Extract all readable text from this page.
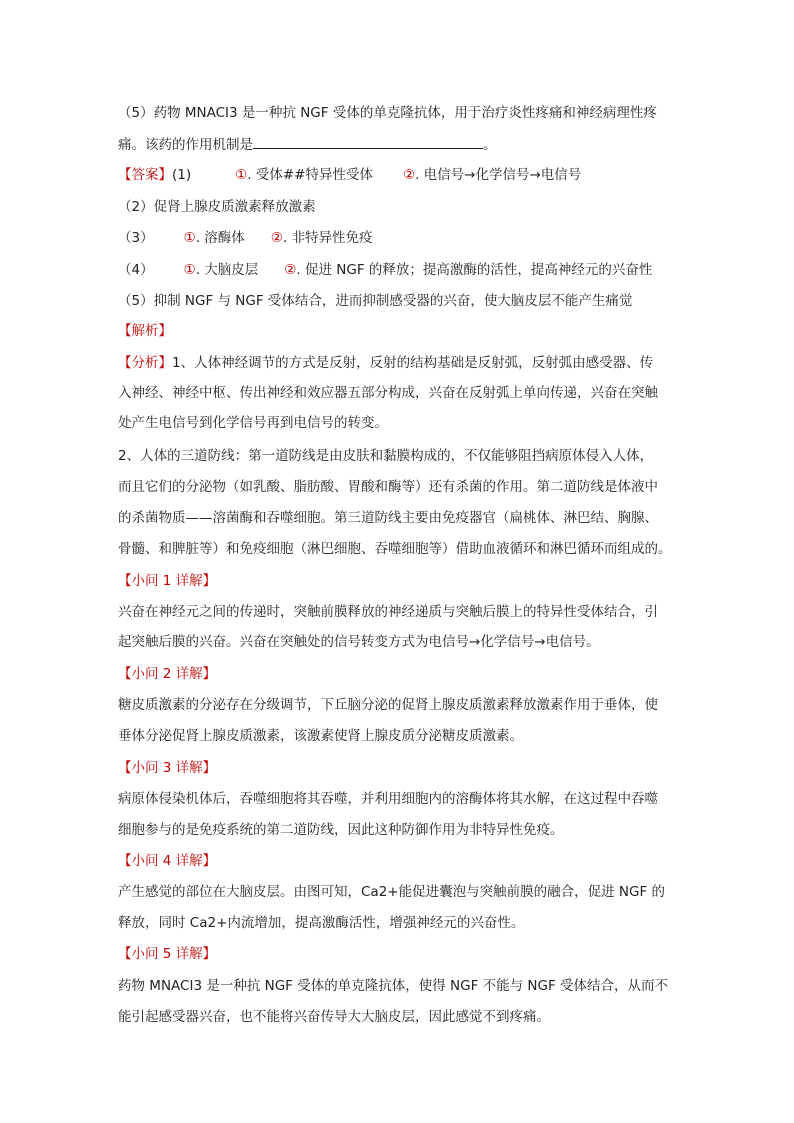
（5）药物 MNACI3 是一种抗 NGF 受体的单克隆抗体，用于治疗炎性疼痛和神经病理性疼
痛。该药的作用机制是	。
【答案】(1)	①. 受体##特异性受体 ②. 电信号→化学信号→电信号
（2）促肾上腺皮质激素释放激素
（3） ①. 溶酶体 ②. 非特异性免疫
（4） ①. 大脑皮层 ②. 促进 NGF 的释放；提高激酶的活性，提高神经元的兴奋性
（5）抑制 NGF 与 NGF 受体结合，进而抑制感受器的兴奋，使大脑皮层不能产生痛觉
【解析】
【分析】1、人体神经调节的方式是反射，反射的结构基础是反射弧，反射弧由感受器、传
入神经、神经中枢、传出神经和效应器五部分构成，兴奋在反射弧上单向传递，兴奋在突触
处产生电信号到化学信号再到电信号的转变。
2、人体的三道防线：第一道防线是由皮肤和黏膜构成的，不仅能够阻挡病原体侵入人体，
而且它们的分泌物（如乳酸、脂肪酸、胃酸和酶等）还有杀菌的作用。第二道防线是体液中
的杀菌物质——溶菌酶和吞噬细胞。第三道防线主要由免疫器官（扁桃体、淋巴结、胸腺、
骨髓、和脾脏等）和免疫细胞（淋巴细胞、吞噬细胞等）借助血液循环和淋巴循环而组成的。
【小问 1 详解】
兴奋在神经元之间的传递时，突触前膜释放的神经递质与突触后膜上的特异性受体结合，引
起突触后膜的兴奋。兴奋在突触处的信号转变方式为电信号→化学信号→电信号。
【小问 2 详解】
糖皮质激素的分泌存在分级调节，下丘脑分泌的促肾上腺皮质激素释放激素作用于垂体，使
垂体分泌促肾上腺皮质激素，该激素使肾上腺皮质分泌糖皮质激素。
【小问 3 详解】
病原体侵染机体后，吞噬细胞将其吞噬，并利用细胞内的溶酶体将其水解，在这过程中吞噬
细胞参与的是免疫系统的第二道防线，因此这种防御作用为非特异性免疫。
【小问 4 详解】
产生感觉的部位在大脑皮层。由图可知，Ca2+能促进囊泡与突触前膜的融合，促进 NGF 的
释放，同时 Ca2+内流增加，提高激酶活性，增强神经元的兴奋性。
【小问 5 详解】
药物 MNACI3 是一种抗 NGF 受体的单克隆抗体，使得 NGF 不能与 NGF 受体结合，从而不
能引起感受器兴奋，也不能将兴奋传导大大脑皮层，因此感觉不到疼痛。
